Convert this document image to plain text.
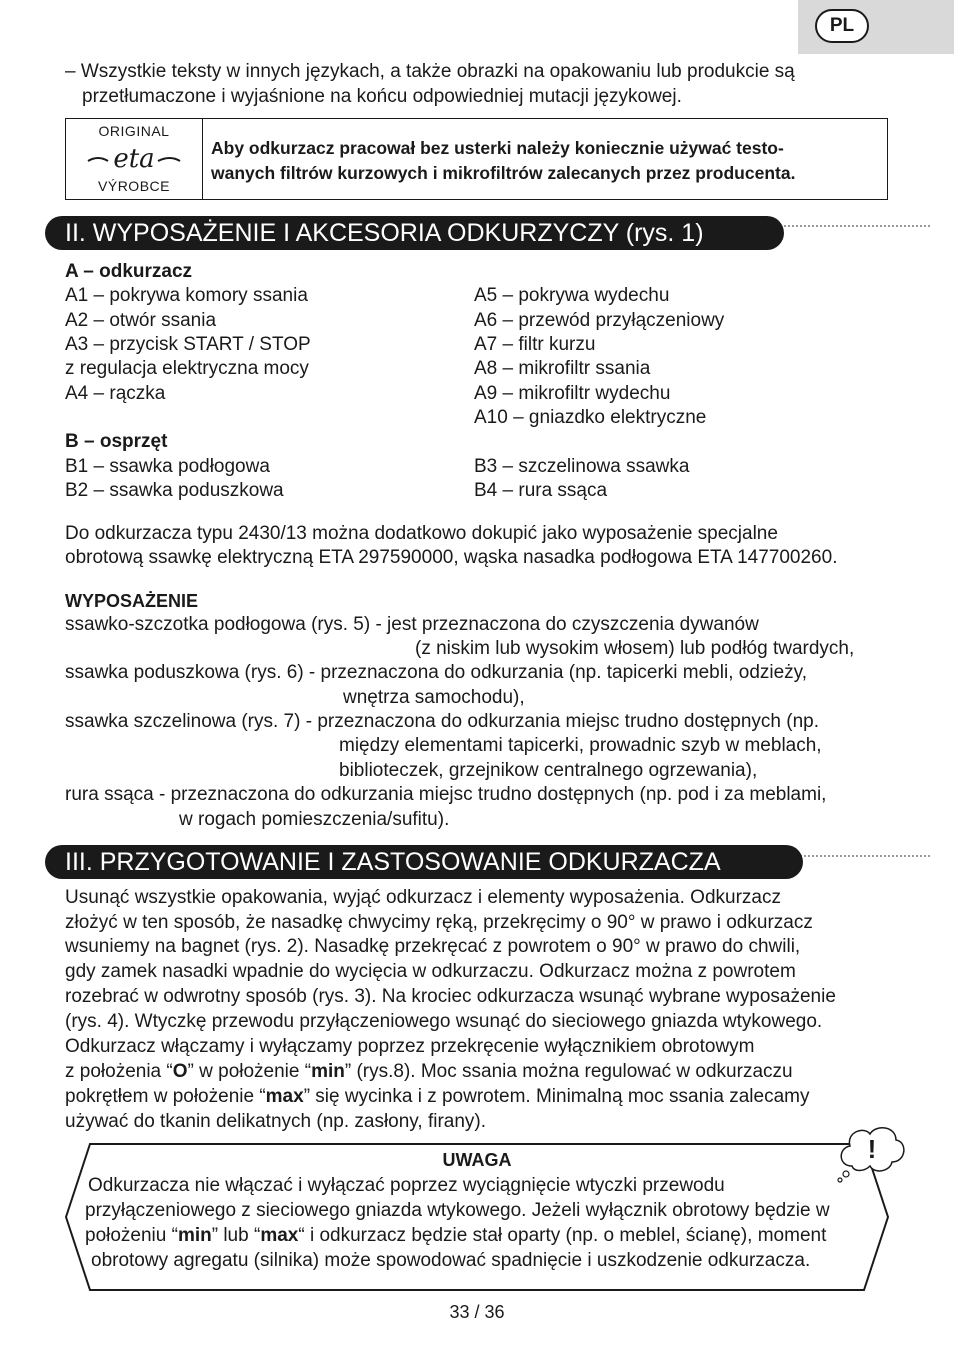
PL
– Wszystkie teksty w innych językach, a także obrazki na opakowaniu lub produkcie są
przetłumaczone i wyjaśnione na końcu odpowiedniej mutacji językowej.
ORIGINAL
eta
VÝROBCE
Aby odkurzacz pracował bez usterki należy koniecznie używać testo-
wanych filtrów kurzowych i mikrofiltrów zalecanych przez producenta.
II. WYPOSAŻENIE I AKCESORIA ODKURZYCZY (rys. 1)
A – odkurzacz
A1 – pokrywa komory ssania
A2 – otwór ssania
A3 – przycisk START / STOP
z regulacja elektryczna mocy
A4 – rączka
A5 – pokrywa wydechu
A6 – przewód przyłączeniowy
A7 – filtr kurzu
A8 – mikrofiltr ssania
A9 – mikrofiltr wydechu
A10 – gniazdko elektryczne
B – osprzęt
B1 – ssawka podłogowa
B2 – ssawka poduszkowa
B3 – szczelinowa ssawka
B4 – rura ssąca
Do odkurzacza typu 2430/13 można dodatkowo dokupić jako wyposażenie specjalne
obrotową ssawkę elektryczną ETA 297590000, wąska nasadka podłogowa ETA 147700260.
WYPOSAŻENIE
ssawko-szczotka podłogowa (rys. 5) - jest przeznaczona do czyszczenia dywanów
(z niskim lub wysokim włosem) lub podłóg twardych,
ssawka poduszkowa (rys. 6) - przeznaczona do odkurzania (np. tapicerki mebli, odzieży,
wnętrza samochodu),
ssawka szczelinowa (rys. 7) - przeznaczona do odkurzania miejsc trudno dostępnych (np.
między elementami tapicerki, prowadnic szyb w meblach,
biblioteczek, grzejnikow centralnego ogrzewania),
rura ssąca - przeznaczona do odkurzania miejsc trudno dostępnych (np. pod i za meblami,
w rogach pomieszczenia/sufitu).
III. PRZYGOTOWANIE I ZASTOSOWANIE ODKURZACZA
Usunąć wszystkie opakowania, wyjąć odkurzacz i elementy wyposażenia. Odkurzacz
złożyć w ten sposób, że nasadkę chwycimy ręką, przekręcimy o 90° w prawo i odkurzacz
wsuniemy na bagnet (rys. 2). Nasadkę przekręcać z powrotem o 90° w prawo do chwili,
gdy zamek nasadki wpadnie do wycięcia w odkurzaczu. Odkurzacz można z powrotem
rozebrać w odwrotny sposób (rys. 3). Na krociec odkurzacza wsunąć wybrane wyposażenie
(rys. 4). Wtyczkę przewodu przyłączeniowego wsunąć do sieciowego gniazda wtykowego.
Odkurzacz włączamy i wyłączamy poprzez przekręcenie wyłącznikiem obrotowym
z położenia “O” w położenie “min” (rys.8). Moc ssania można regulować w odkurzaczu
pokrętłem w położenie “max” się wycinka i z powrotem. Minimalną moc ssania zalecamy
używać do tkanin delikatnych (np. zasłony, firany).
!
UWAGA
Odkurzacza nie włączać i wyłączać poprzez wyciągnięcie wtyczki przewodu
przyłączeniowego z sieciowego gniazda wtykowego. Jeżeli wyłącznik obrotowy będzie w
położeniu “min” lub “max“ i odkurzacz będzie stał oparty (np. o meblel, ścianę), moment
obrotowy agregatu (silnika) może spowodować spadnięcie i uszkodzenie odkurzacza.
33 / 36
